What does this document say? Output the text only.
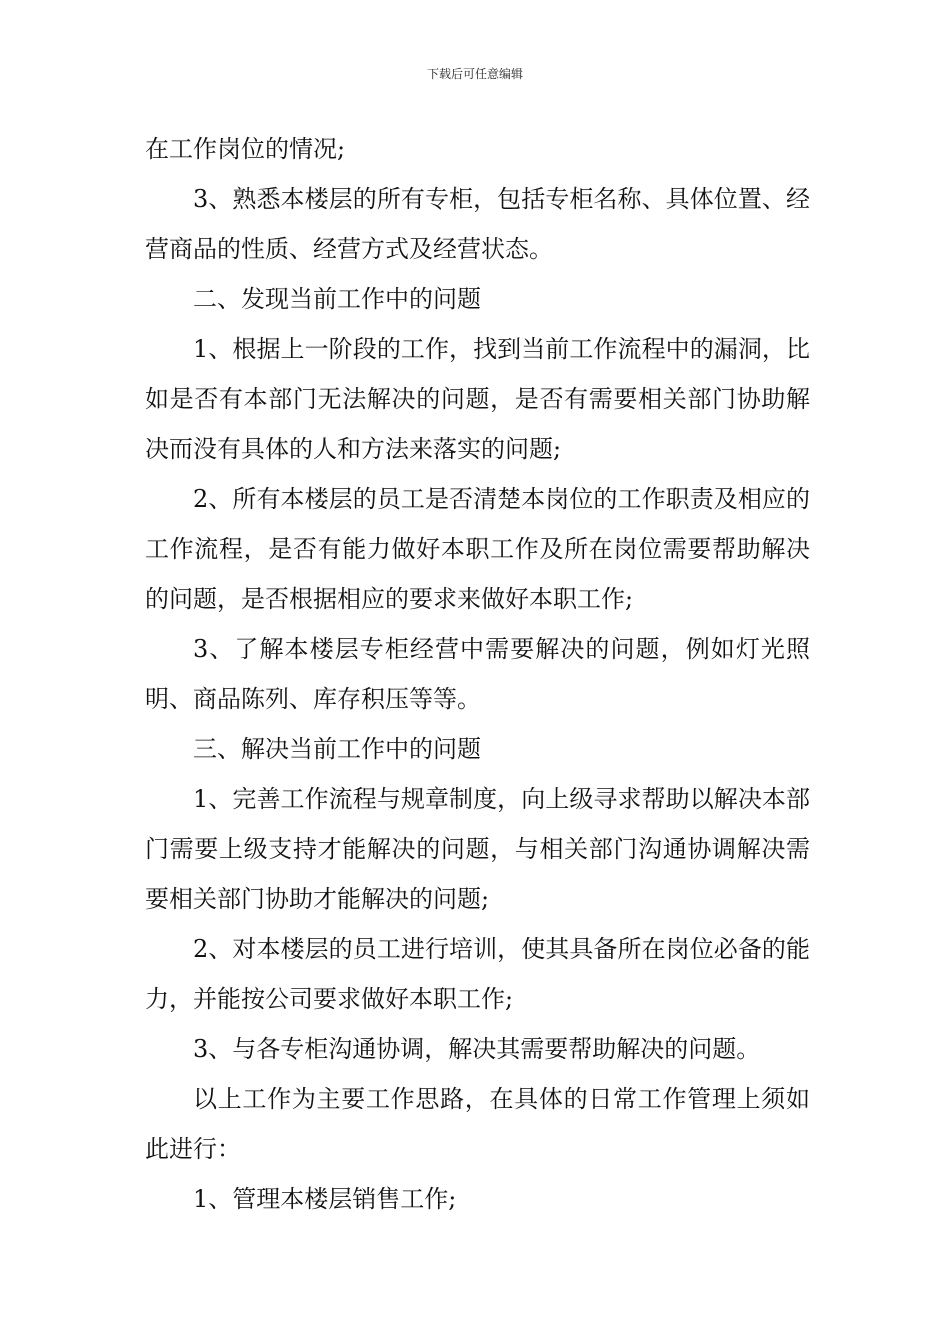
下载后可任意编辑

在工作岗位的情况;

3、熟悉本楼层的所有专柜，包括专柜名称、具体位置、经营商品的性质、经营方式及经营状态。

二、发现当前工作中的问题

1、根据上一阶段的工作，找到当前工作流程中的漏洞，比如是否有本部门无法解决的问题，是否有需要相关部门协助解决而没有具体的人和方法来落实的问题;

2、所有本楼层的员工是否清楚本岗位的工作职责及相应的工作流程，是否有能力做好本职工作及所在岗位需要帮助解决的问题，是否根据相应的要求来做好本职工作;

3、了解本楼层专柜经营中需要解决的问题，例如灯光照明、商品陈列、库存积压等等。

三、解决当前工作中的问题

1、完善工作流程与规章制度，向上级寻求帮助以解决本部门需要上级支持才能解决的问题，与相关部门沟通协调解决需要相关部门协助才能解决的问题;

2、对本楼层的员工进行培训，使其具备所在岗位必备的能力，并能按公司要求做好本职工作;

3、与各专柜沟通协调，解决其需要帮助解决的问题。

以上工作为主要工作思路，在具体的日常工作管理上须如此进行：

1、管理本楼层销售工作;
